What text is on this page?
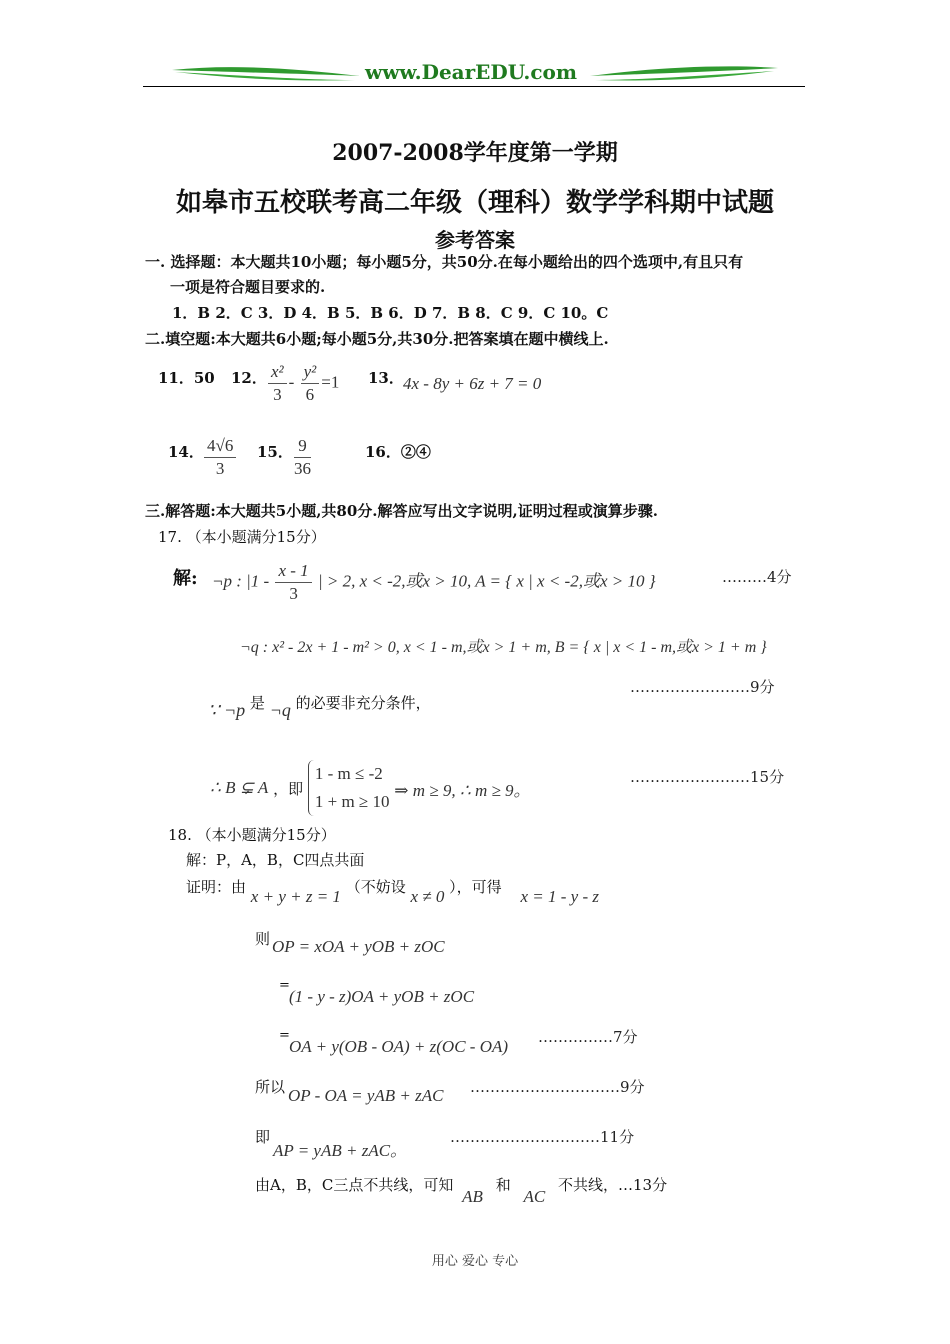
www.DearEDU.com
2007-2008学年度第一学期
如皋市五校联考高二年级（理科）数学学科期中试题
参考答案
一. 选择题：本大题共10小题；每小题5分，共50分.在每小题给出的四个选项中,有且只有
一项是符合题目要求的.
1．B 2．C 3．D 4．B 5．B 6．D 7．B 8．C 9．C 10。C
二.填空题:本大题共6小题;每小题5分,共30分.把答案填在题中横线上.
11．50 12． $\frac{\text{x²}}{3} - \frac{\text{y²}}{6} =1$ 13． 4x - 8y + 6z + 7 = 0
14． $\frac{4√6}{3} 15$． $\frac{9}{36}$	16．②④
三.解答题:本大题共5小题,共80分.解答应写出文字说明,证明过程或演算步骤.
17. （本小题满分15分）
解: ¬p : $|1 - \frac{x - 1}{3}$ | > 2, x < -2,或x > 10, A = { x | x < -2,或x > 10 }	………4分
¬q : x² - 2x + 1 - m² > 0, x < 1 - m,或x > 1 + m, B = { x | x < 1 - m,或x > 1 + m }
……………………9分
∵ ¬p 是 ¬q 的必要非充分条件，
∴ B ⊊ A ，即
1 - m ≤ -2
1 + m ≥ 10
⇒ m ≥ 9, ∴ m ≥ 9。
……………………15分
18. （本小题满分15分）
解：P，A，B，C四点共面
证明：由 x + y + z = 1 （不妨设 x ≠ 0 ），可得 x = 1 - y - z
则 OP = xOA + yOB + zOC
=
(1 - y - z)OA + yOB + zOC
=
OA + y(OB - OA) + z(OC - OA) ……………7分
所以 OP - OA = yAB + zAC …………………………9分
即
AP = yAB + zAC。
…………………………11分
由A，B，C三点不共线，可知 AB 和 AC 不共线，…13分
用心 爱心 专心
